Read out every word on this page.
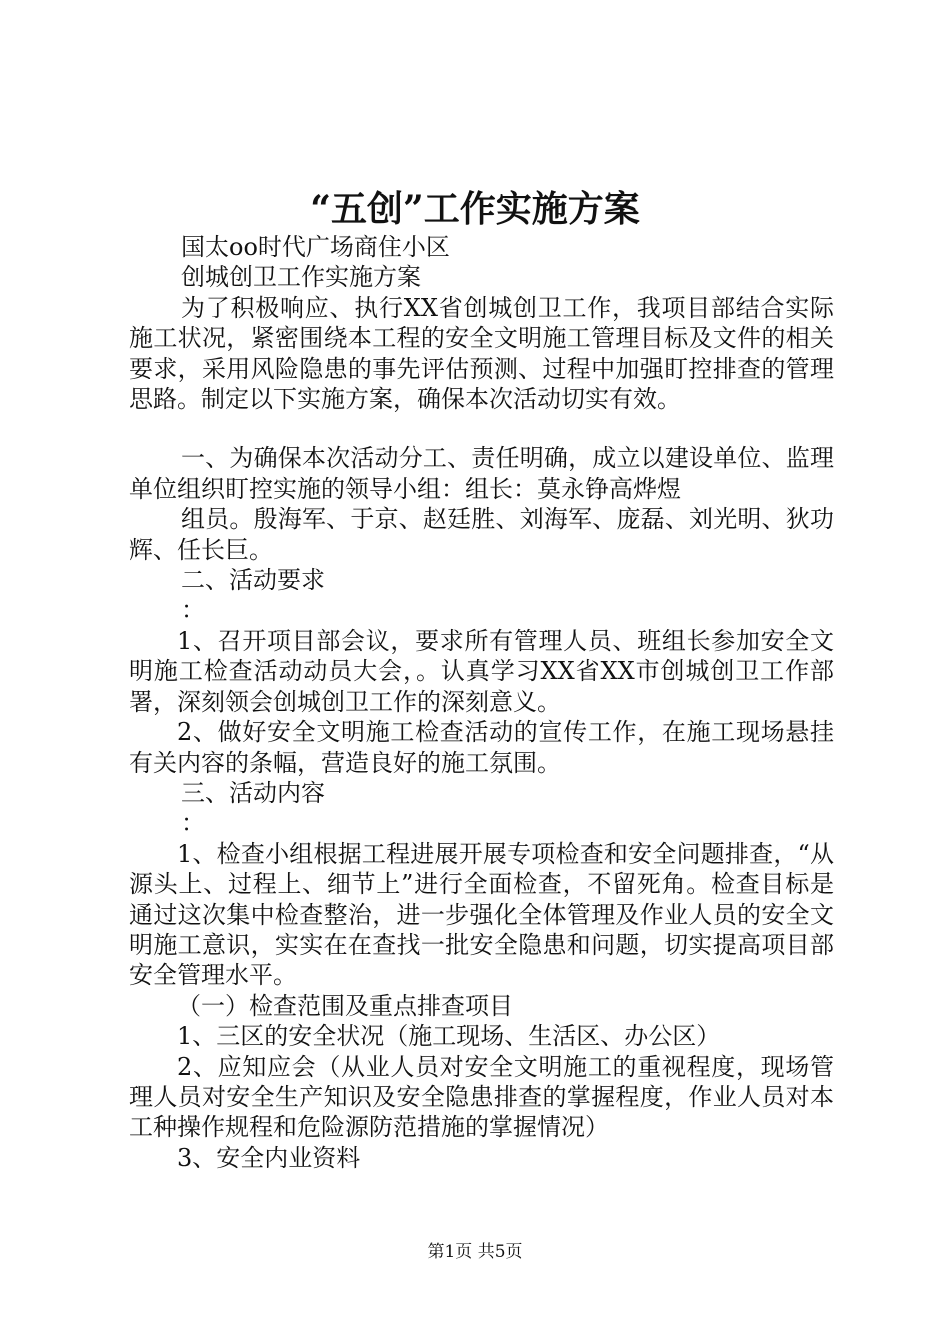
“五创”工作实施方案

国太oo时代广场商住小区

创城创卫工作实施方案

为了积极响应、执行XX省创城创卫工作，我项目部结合实际施工状况，紧密围绕本工程的安全文明施工管理目标及文件的相关要求，采用风险隐患的事先评估预测、过程中加强盯控排查的管理思路。制定以下实施方案，确保本次活动切实有效。

一、为确保本次活动分工、责任明确，成立以建设单位、监理单位组织盯控实施的领导小组：组长：莫永铮高烨煜

组员。殷海军、于京、赵廷胜、刘海军、庞磊、刘光明、狄功辉、任长巨。

二、活动要求

：

1、召开项目部会议，要求所有管理人员、班组长参加安全文明施工检查活动动员大会，。认真学习XX省XX市创城创卫工作部署，深刻领会创城创卫工作的深刻意义。

2、做好安全文明施工检查活动的宣传工作，在施工现场悬挂有关内容的条幅，营造良好的施工氛围。

三、活动内容

：

1、检查小组根据工程进展开展专项检查和安全问题排查，“从源头上、过程上、细节上”进行全面检查，不留死角。检查目标是通过这次集中检查整治，进一步强化全体管理及作业人员的安全文明施工意识，实实在在查找一批安全隐患和问题，切实提高项目部安全管理水平。

（一）检查范围及重点排查项目

1、三区的安全状况（施工现场、生活区、办公区）

2、应知应会（从业人员对安全文明施工的重视程度，现场管理人员对安全生产知识及安全隐患排查的掌握程度，作业人员对本工种操作规程和危险源防范措施的掌握情况）

3、安全内业资料

第1页 共5页
